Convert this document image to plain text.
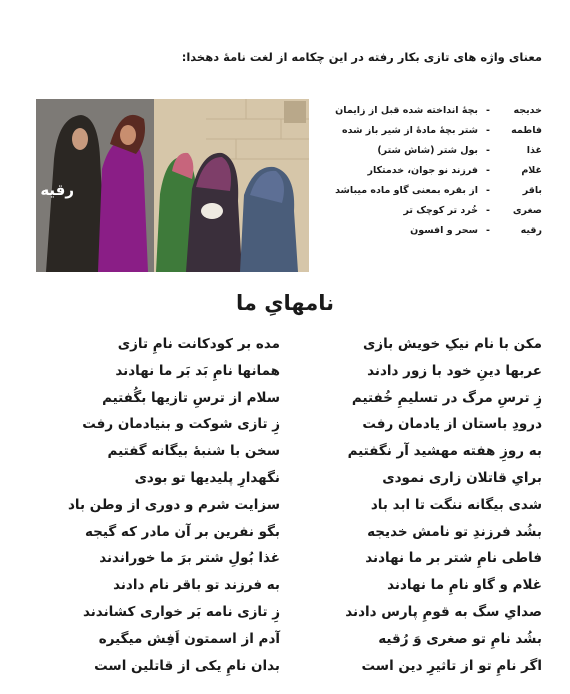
معنای واژه های تازی بکار رفته در این چکامه از لغت نامهٔ دهخدا:
رقیه
خدیجه
-
بچهٔ انداخته شده قبل از زایمان
فاطمه
-
شتر بچهٔ مادهٔ از شیر باز شده
غذا
-
بول شتر (شاش شتر)
غلام
-
فرزند نو جوان، خدمتکار
باقر
-
از بقره بمعنی گاو ماده میباشد
صغری
-
خُرد تر کوچک تر
رقیه
-
سحر و افسون
نامهایِ ما
مکن با نام نیکِ خویش بازی
مده بر کودکانت نامِ تازی
عربها دینِ خود با زور دادند
همانها نامِ بَد بَر ما نهادند
زِ ترسِ مرگ در تسلیمِ خُفتیم
سلام از ترسِ تازیها بگُفتیم
درودِ باستان از یادمان رفت
زِ تازی شوکت و بنیادمان رفت
به روزِ هفته مهشید آر نگفتیم
سخن با شنبهٔ بیگانه گفتیم
برایِ قاتلان زاری نمودی
نگهدارِ پلیدیها تو بودی
شدی بیگانه ننگت تا ابد باد
سزایت شرم و دوری از وطن باد
بشُد فرزندِ تو نامش خدیجه
بگو نفرین بر آن مادر که گیجه
فاطی نامِ شتر بر ما نهادند
غذا بُولِ شتر برَ ما خوراندند
غلام و گاو نامِ ما نهادند
به فرزند تو باقر نام دادند
صدایِ سگ به قومِ پارس دادند
زِ تازی نامه بَر خواری کشاندند
بشُد نامِ تو صغری وَ رُقیه
آدم از اسمتون اَفِش میگیره
اگر نامِ تو از تاثیرِ دین است
بدان نامِ یکی از قاتلین است
